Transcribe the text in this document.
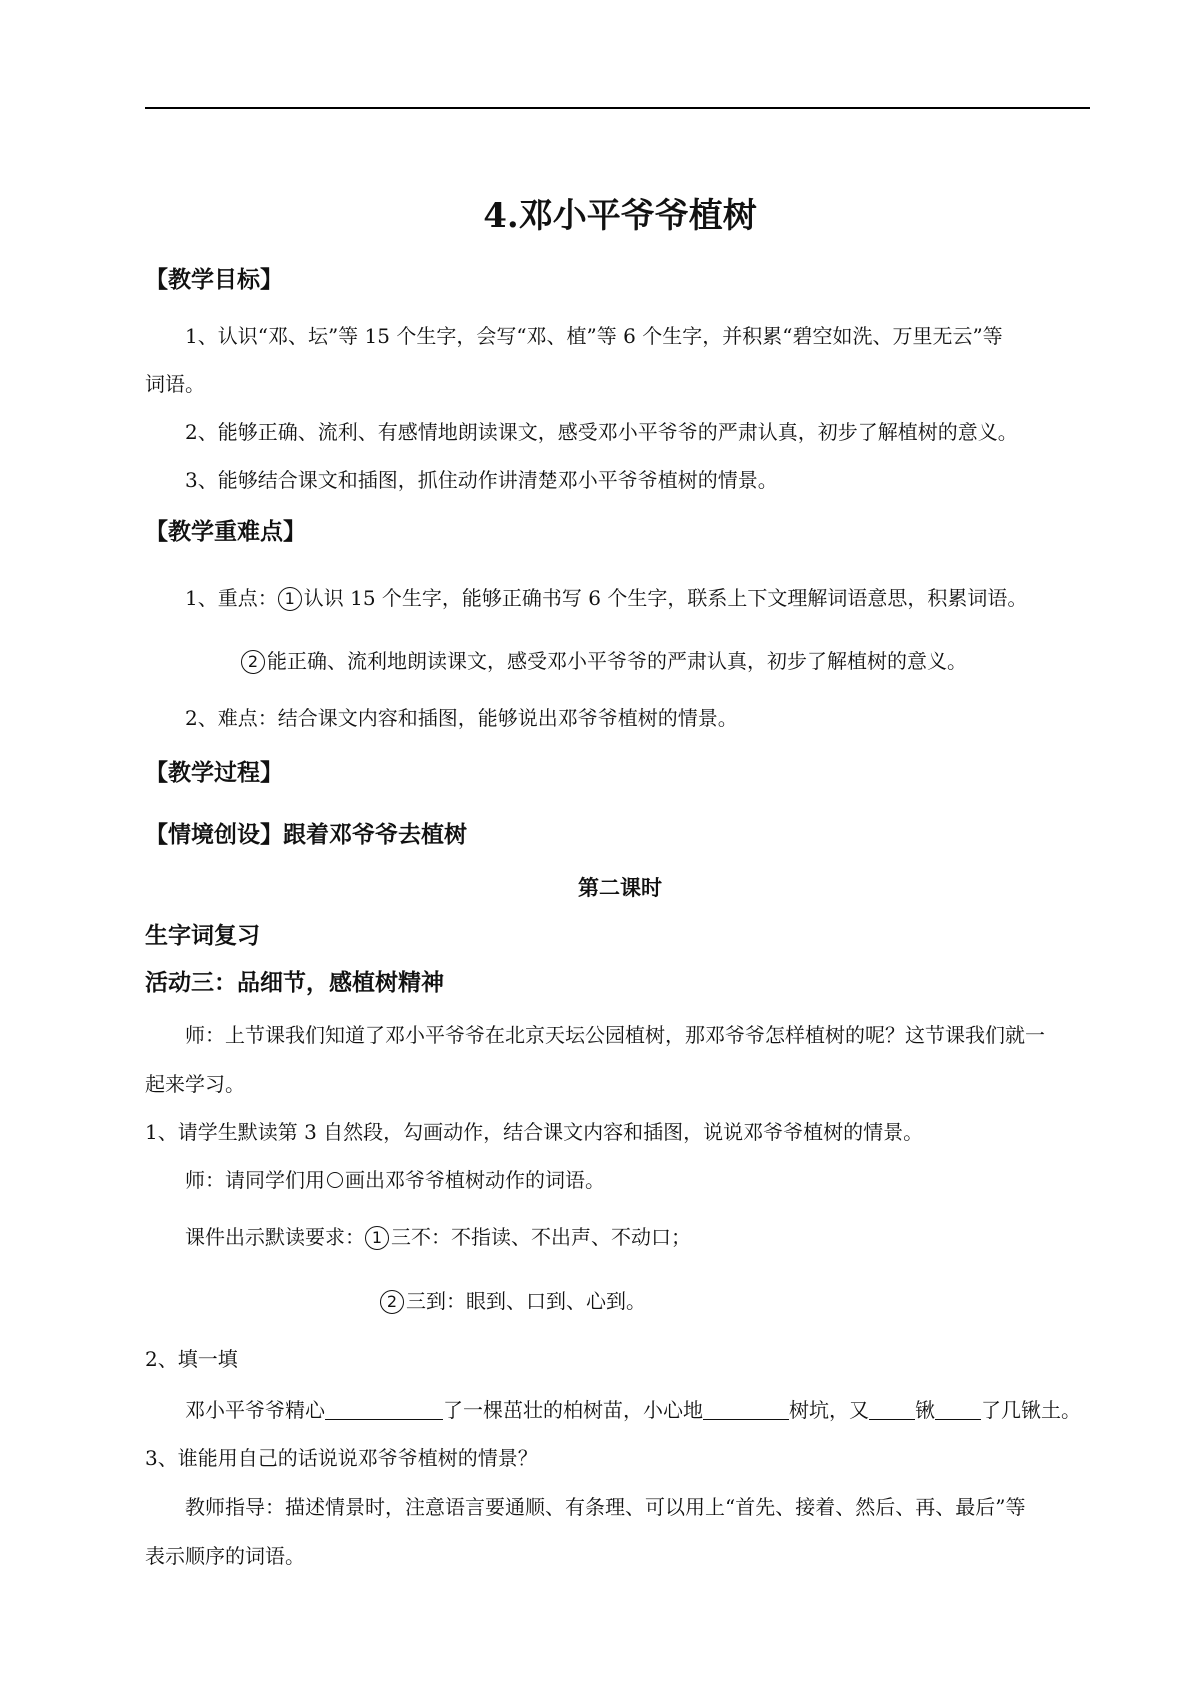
4.邓小平爷爷植树
【教学目标】
1、认识“邓、坛”等 15 个生字，会写“邓、植”等 6 个生字，并积累“碧空如洗、万里无云”等
词语。
2、能够正确、流利、有感情地朗读课文，感受邓小平爷爷的严肃认真，初步了解植树的意义。
3、能够结合课文和插图，抓住动作讲清楚邓小平爷爷植树的情景。
【教学重难点】
1、重点： 1 认识 15 个生字，能够正确书写 6 个生字，联系上下文理解词语意思，积累词语。
2 能正确、流利地朗读课文，感受邓小平爷爷的严肃认真，初步了解植树的意义。
2、难点：结合课文内容和插图，能够说出邓爷爷植树的情景。
【教学过程】
【情境创设】跟着邓爷爷去植树
第二课时
生字词复习
活动三：品细节，感植树精神
师：上节课我们知道了邓小平爷爷在北京天坛公园植树，那邓爷爷怎样植树的呢？这节课我们就一
起来学习。
1、请学生默读第 3 自然段，勾画动作，结合课文内容和插图，说说邓爷爷植树的情景。
师：请同学们用 ○ 画出邓爷爷植树动作的词语。
课件出示默读要求： 1 三不：不指读、不出声、不动口；
2 三到：眼到、口到、心到。
2、填一填
邓小平爷爷精心	了一棵茁壮的柏树苗，小心地	树坑，又 锹 了几锹土。
3、谁能用自己的话说说邓爷爷植树的情景？
教师指导：描述情景时，注意语言要通顺、有条理、可以用上“首先、接着、然后、再、最后”等
表示顺序的词语。
